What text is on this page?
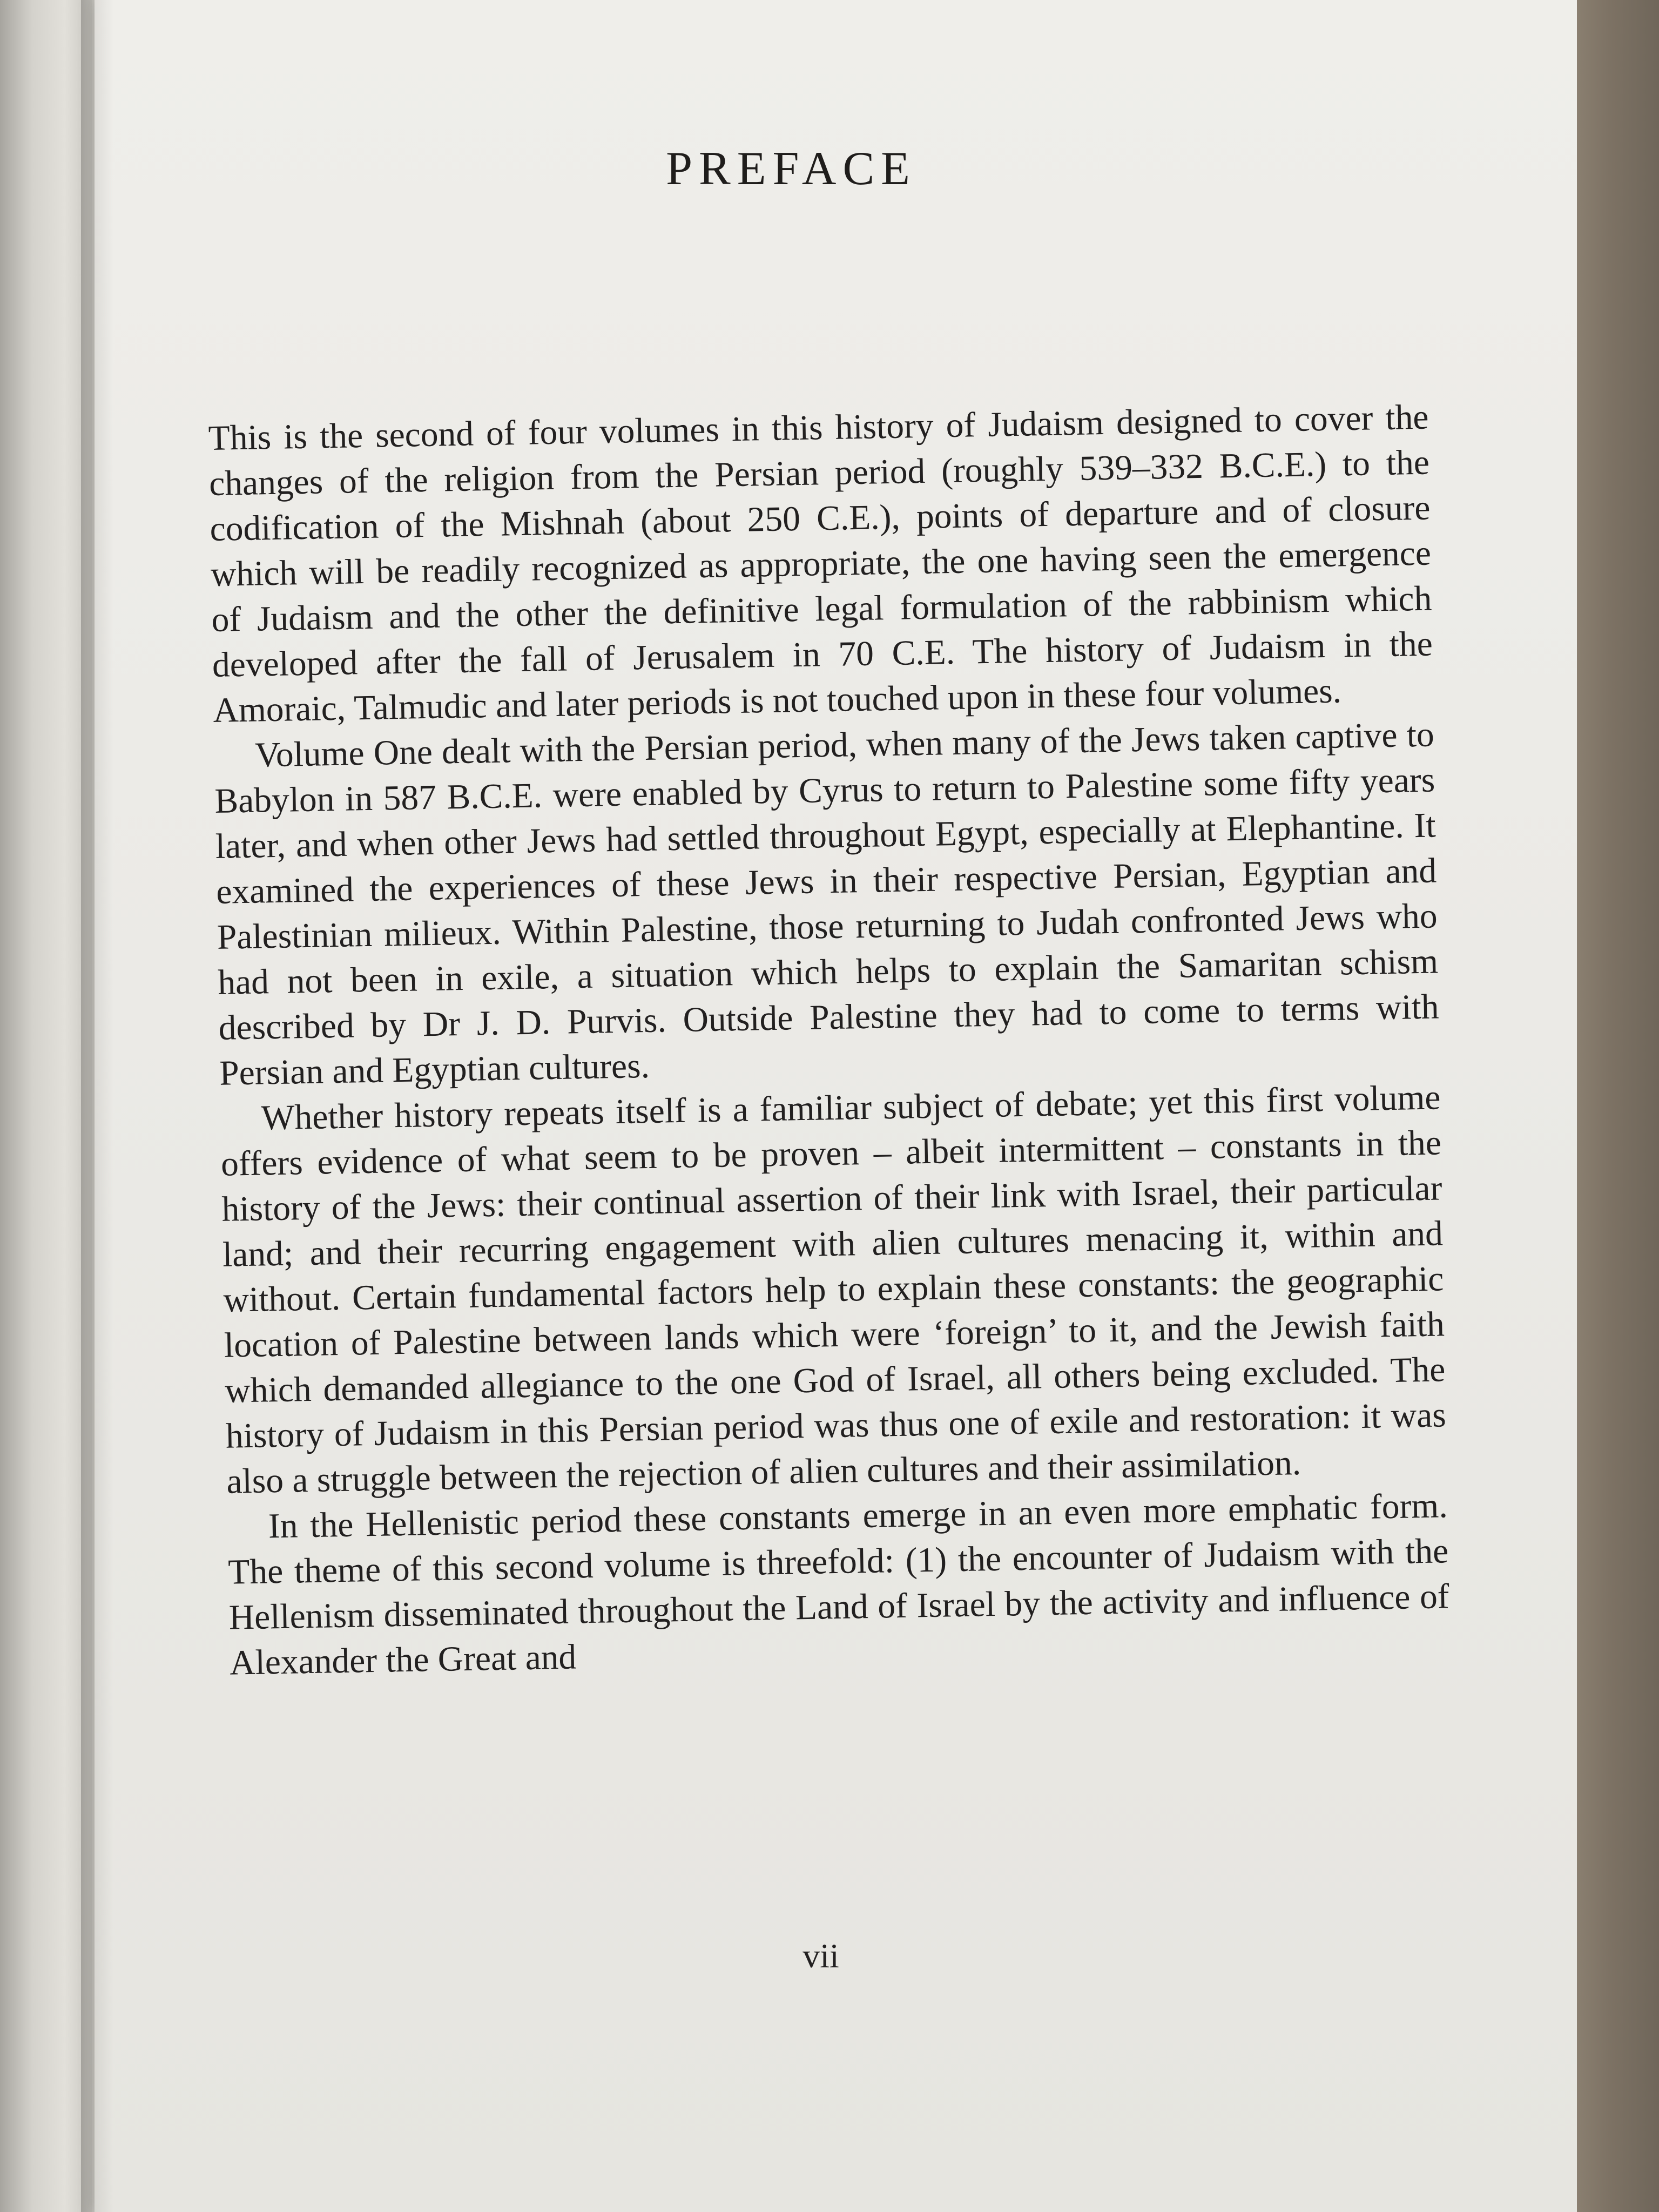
PREFACE

This is the second of four volumes in this history of Judaism designed to cover the changes of the religion from the Persian period (roughly 539–332 B.C.E.) to the codification of the Mishnah (about 250 C.E.), points of departure and of closure which will be readily recognized as appropriate, the one having seen the emergence of Judaism and the other the definitive legal formulation of the rabbinism which developed after the fall of Jerusalem in 70 C.E. The history of Judaism in the Amoraic, Talmudic and later periods is not touched upon in these four volumes.

Volume One dealt with the Persian period, when many of the Jews taken captive to Babylon in 587 B.C.E. were enabled by Cyrus to return to Palestine some fifty years later, and when other Jews had settled throughout Egypt, especially at Elephantine. It examined the experiences of these Jews in their respective Persian, Egyptian and Palestinian milieux. Within Palestine, those returning to Judah confronted Jews who had not been in exile, a situation which helps to explain the Samaritan schism described by Dr J. D. Purvis. Outside Palestine they had to come to terms with Persian and Egyptian cultures.

Whether history repeats itself is a familiar subject of debate; yet this first volume offers evidence of what seem to be proven – albeit intermittent – constants in the history of the Jews: their continual assertion of their link with Israel, their particular land; and their recurring engagement with alien cultures menacing it, within and without. Certain fundamental factors help to explain these constants: the geographic location of Palestine between lands which were ‘foreign’ to it, and the Jewish faith which demanded allegiance to the one God of Israel, all others being excluded. The history of Judaism in this Persian period was thus one of exile and restoration: it was also a struggle between the rejection of alien cultures and their assimilation.

In the Hellenistic period these constants emerge in an even more emphatic form. The theme of this second volume is threefold: (1) the encounter of Judaism with the Hellenism disseminated throughout the Land of Israel by the activity and influence of Alexander the Great and

vii
